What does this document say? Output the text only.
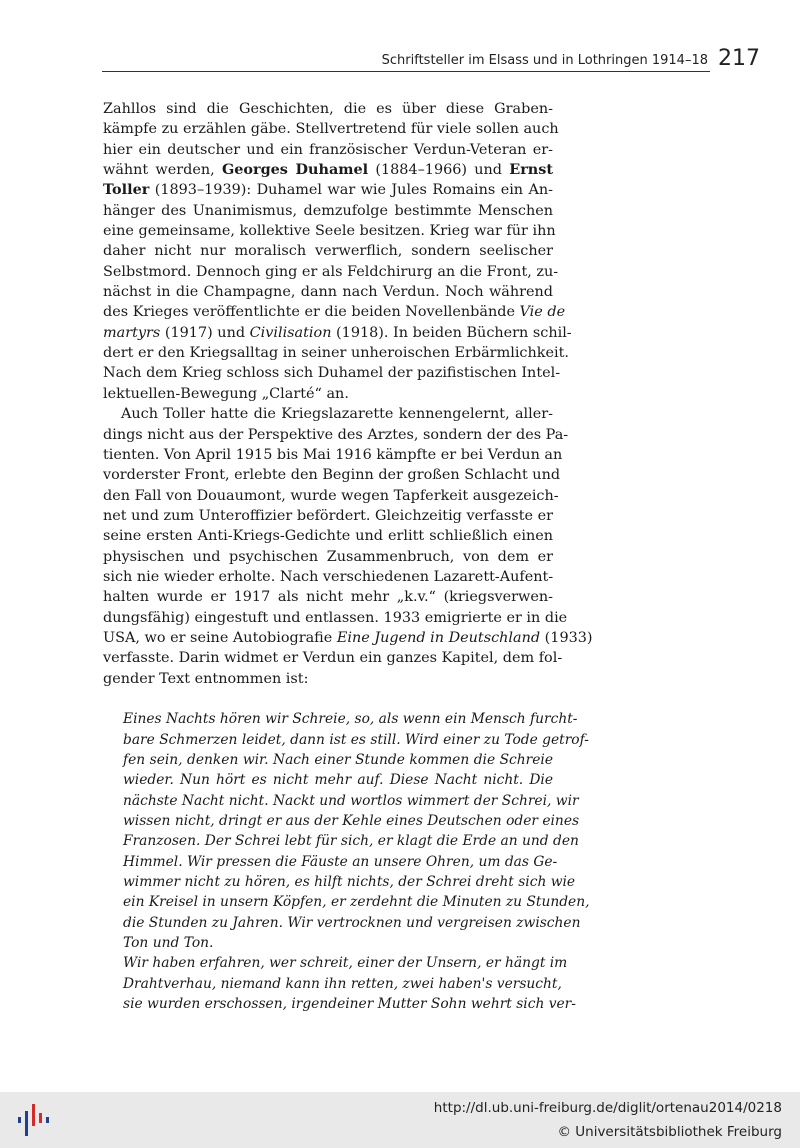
Schriftsteller im Elsass und in Lothringen 1914–18 217
Zahllos sind die Geschichten, die es über diese Graben-
kämpfe zu erzählen gäbe. Stellvertretend für viele sollen auch
hier ein deutscher und ein französischer Verdun-Veteran er-
wähnt werden, Georges Duhamel (1884–1966) und Ernst
Toller (1893–1939): Duhamel war wie Jules Romains ein An-
hänger des Unanimismus, demzufolge bestimmte Menschen
eine gemeinsame, kollektive Seele besitzen. Krieg war für ihn
daher nicht nur moralisch verwerflich, sondern seelischer
Selbstmord. Dennoch ging er als Feldchirurg an die Front, zu-
nächst in die Champagne, dann nach Verdun. Noch während
des Krieges veröffentlichte er die beiden Novellenbände Vie de
martyrs (1917) und Civilisation (1918). In beiden Büchern schil-
dert er den Kriegsalltag in seiner unheroischen Erbärmlichkeit.
Nach dem Krieg schloss sich Duhamel der pazifistischen Intel-
lektuellen-Bewegung „Clarté“ an.
Auch Toller hatte die Kriegslazarette kennengelernt, aller-
dings nicht aus der Perspektive des Arztes, sondern der des Pa-
tienten. Von April 1915 bis Mai 1916 kämpfte er bei Verdun an
vorderster Front, erlebte den Beginn der großen Schlacht und
den Fall von Douaumont, wurde wegen Tapferkeit ausgezeich-
net und zum Unteroffizier befördert. Gleichzeitig verfasste er
seine ersten Anti-Kriegs-Gedichte und erlitt schließlich einen
physischen und psychischen Zusammenbruch, von dem er
sich nie wieder erholte. Nach verschiedenen Lazarett-Aufent-
halten wurde er 1917 als nicht mehr „k.v.“ (kriegsverwen-
dungsfähig) eingestuft und entlassen. 1933 emigrierte er in die
USA, wo er seine Autobiografie Eine Jugend in Deutschland (1933)
verfasste. Darin widmet er Verdun ein ganzes Kapitel, dem fol-
gender Text entnommen ist:
Eines Nachts hören wir Schreie, so, als wenn ein Mensch furcht-
bare Schmerzen leidet, dann ist es still. Wird einer zu Tode getrof-
fen sein, denken wir. Nach einer Stunde kommen die Schreie
wieder. Nun hört es nicht mehr auf. Diese Nacht nicht. Die
nächste Nacht nicht. Nackt und wortlos wimmert der Schrei, wir
wissen nicht, dringt er aus der Kehle eines Deutschen oder eines
Franzosen. Der Schrei lebt für sich, er klagt die Erde an und den
Himmel. Wir pressen die Fäuste an unsere Ohren, um das Ge-
wimmer nicht zu hören, es hilft nichts, der Schrei dreht sich wie
ein Kreisel in unsern Köpfen, er zerdehnt die Minuten zu Stunden,
die Stunden zu Jahren. Wir vertrocknen und vergreisen zwischen
Ton und Ton.
Wir haben erfahren, wer schreit, einer der Unsern, er hängt im
Drahtverhau, niemand kann ihn retten, zwei haben's versucht,
sie wurden erschossen, irgendeiner Mutter Sohn wehrt sich ver-
http://dl.ub.uni-freiburg.de/diglit/ortenau2014/0218
© Universitätsbibliothek Freiburg
